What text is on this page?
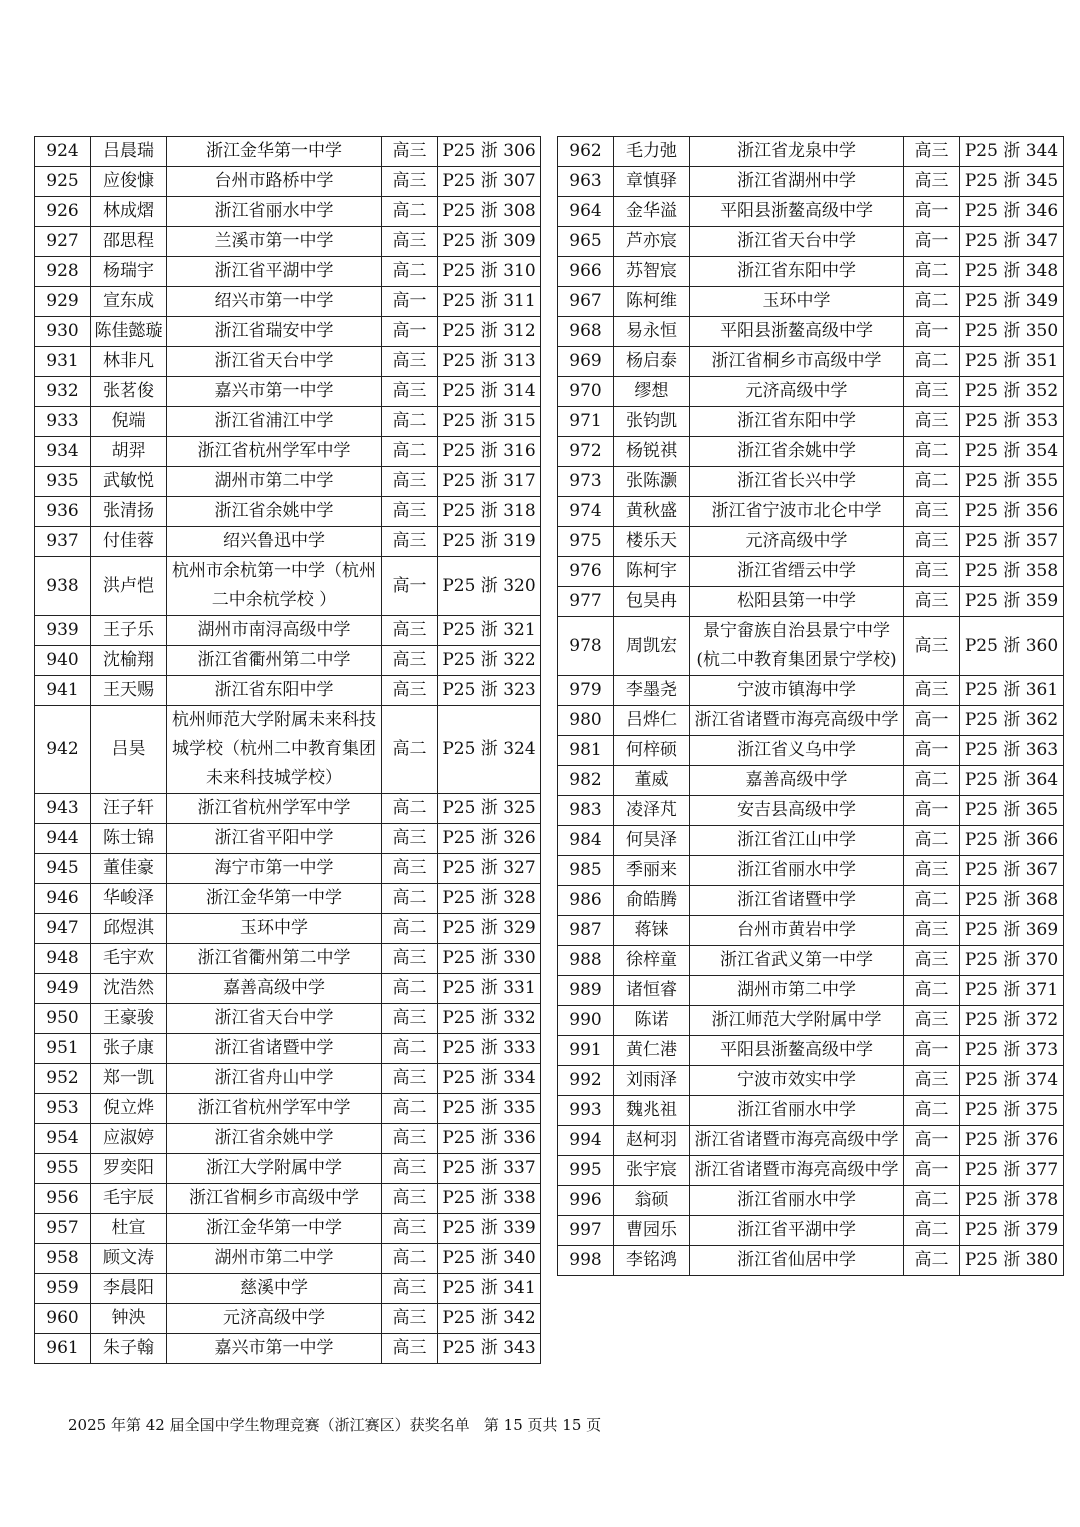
924	吕晨瑞	浙江金华第一中学	高三	P25 浙 306
925	应俊慷	台州市路桥中学	高三	P25 浙 307
926	林成熠	浙江省丽水中学	高二	P25 浙 308
927	邵思程	兰溪市第一中学	高三	P25 浙 309
928	杨瑞宇	浙江省平湖中学	高二	P25 浙 310
929	宣东成	绍兴市第一中学	高一	P25 浙 311
930	陈佳懿璇	浙江省瑞安中学	高一	P25 浙 312
931	林非凡	浙江省天台中学	高三	P25 浙 313
932	张茗俊	嘉兴市第一中学	高三	P25 浙 314
933	倪端	浙江省浦江中学	高二	P25 浙 315
934	胡羿	浙江省杭州学军中学	高二	P25 浙 316
935	武敏悦	湖州市第二中学	高三	P25 浙 317
936	张清扬	浙江省余姚中学	高三	P25 浙 318
937	付佳蓉	绍兴鲁迅中学	高三	P25 浙 319
938	洪卢恺	杭州市余杭第一中学（杭州二中余杭学校 ）	高一	P25 浙 320
939	王子乐	湖州市南浔高级中学	高三	P25 浙 321
940	沈榆翔	浙江省衢州第二中学	高三	P25 浙 322
941	王天赐	浙江省东阳中学	高三	P25 浙 323
942	吕昊	杭州师范大学附属未来科技城学校（杭州二中教育集团未来科技城学校）	高二	P25 浙 324
943	汪子轩	浙江省杭州学军中学	高二	P25 浙 325
944	陈士锦	浙江省平阳中学	高三	P25 浙 326
945	董佳豪	海宁市第一中学	高三	P25 浙 327
946	华峻泽	浙江金华第一中学	高二	P25 浙 328
947	邱煜淇	玉环中学	高二	P25 浙 329
948	毛宇欢	浙江省衢州第二中学	高三	P25 浙 330
949	沈浩然	嘉善高级中学	高二	P25 浙 331
950	王豪骏	浙江省天台中学	高三	P25 浙 332
951	张子康	浙江省诸暨中学	高二	P25 浙 333
952	郑一凯	浙江省舟山中学	高三	P25 浙 334
953	倪立烨	浙江省杭州学军中学	高二	P25 浙 335
954	应淑婷	浙江省余姚中学	高三	P25 浙 336
955	罗奕阳	浙江大学附属中学	高三	P25 浙 337
956	毛宇辰	浙江省桐乡市高级中学	高三	P25 浙 338
957	杜宣	浙江金华第一中学	高三	P25 浙 339
958	顾文涛	湖州市第二中学	高二	P25 浙 340
959	李晨阳	慈溪中学	高三	P25 浙 341
960	钟泱	元济高级中学	高三	P25 浙 342
961	朱子翰	嘉兴市第一中学	高三	P25 浙 343
962	毛力弛	浙江省龙泉中学	高三	P25 浙 344
963	章慎驿	浙江省湖州中学	高三	P25 浙 345
964	金华溢	平阳县浙鳌高级中学	高一	P25 浙 346
965	芦亦宸	浙江省天台中学	高一	P25 浙 347
966	苏智宸	浙江省东阳中学	高二	P25 浙 348
967	陈柯维	玉环中学	高二	P25 浙 349
968	易永恒	平阳县浙鳌高级中学	高一	P25 浙 350
969	杨启泰	浙江省桐乡市高级中学	高二	P25 浙 351
970	缪想	元济高级中学	高三	P25 浙 352
971	张钧凯	浙江省东阳中学	高三	P25 浙 353
972	杨锐祺	浙江省余姚中学	高二	P25 浙 354
973	张陈灏	浙江省长兴中学	高二	P25 浙 355
974	黄秋盛	浙江省宁波市北仑中学	高三	P25 浙 356
975	楼乐天	元济高级中学	高三	P25 浙 357
976	陈柯宇	浙江省缙云中学	高三	P25 浙 358
977	包昊冉	松阳县第一中学	高三	P25 浙 359
978	周凯宏	景宁畲族自治县景宁中学(杭二中教育集团景宁学校)	高三	P25 浙 360
979	李墨尧	宁波市镇海中学	高三	P25 浙 361
980	吕烨仁	浙江省诸暨市海亮高级中学	高一	P25 浙 362
981	何梓硕	浙江省义乌中学	高一	P25 浙 363
982	董威	嘉善高级中学	高二	P25 浙 364
983	凌泽芃	安吉县高级中学	高一	P25 浙 365
984	何昊泽	浙江省江山中学	高二	P25 浙 366
985	季丽来	浙江省丽水中学	高三	P25 浙 367
986	俞皓腾	浙江省诸暨中学	高二	P25 浙 368
987	蒋铼	台州市黄岩中学	高三	P25 浙 369
988	徐梓童	浙江省武义第一中学	高三	P25 浙 370
989	诸恒睿	湖州市第二中学	高二	P25 浙 371
990	陈诺	浙江师范大学附属中学	高三	P25 浙 372
991	黄仁港	平阳县浙鳌高级中学	高一	P25 浙 373
992	刘雨泽	宁波市效实中学	高三	P25 浙 374
993	魏兆祖	浙江省丽水中学	高二	P25 浙 375
994	赵柯羽	浙江省诸暨市海亮高级中学	高一	P25 浙 376
995	张宇宸	浙江省诸暨市海亮高级中学	高一	P25 浙 377
996	翁硕	浙江省丽水中学	高二	P25 浙 378
997	曹园乐	浙江省平湖中学	高二	P25 浙 379
998	李铭鸿	浙江省仙居中学	高二	P25 浙 380
2025 年第 42 届全国中学生物理竞赛（浙江赛区）获奖名单 第 15 页共 15 页
